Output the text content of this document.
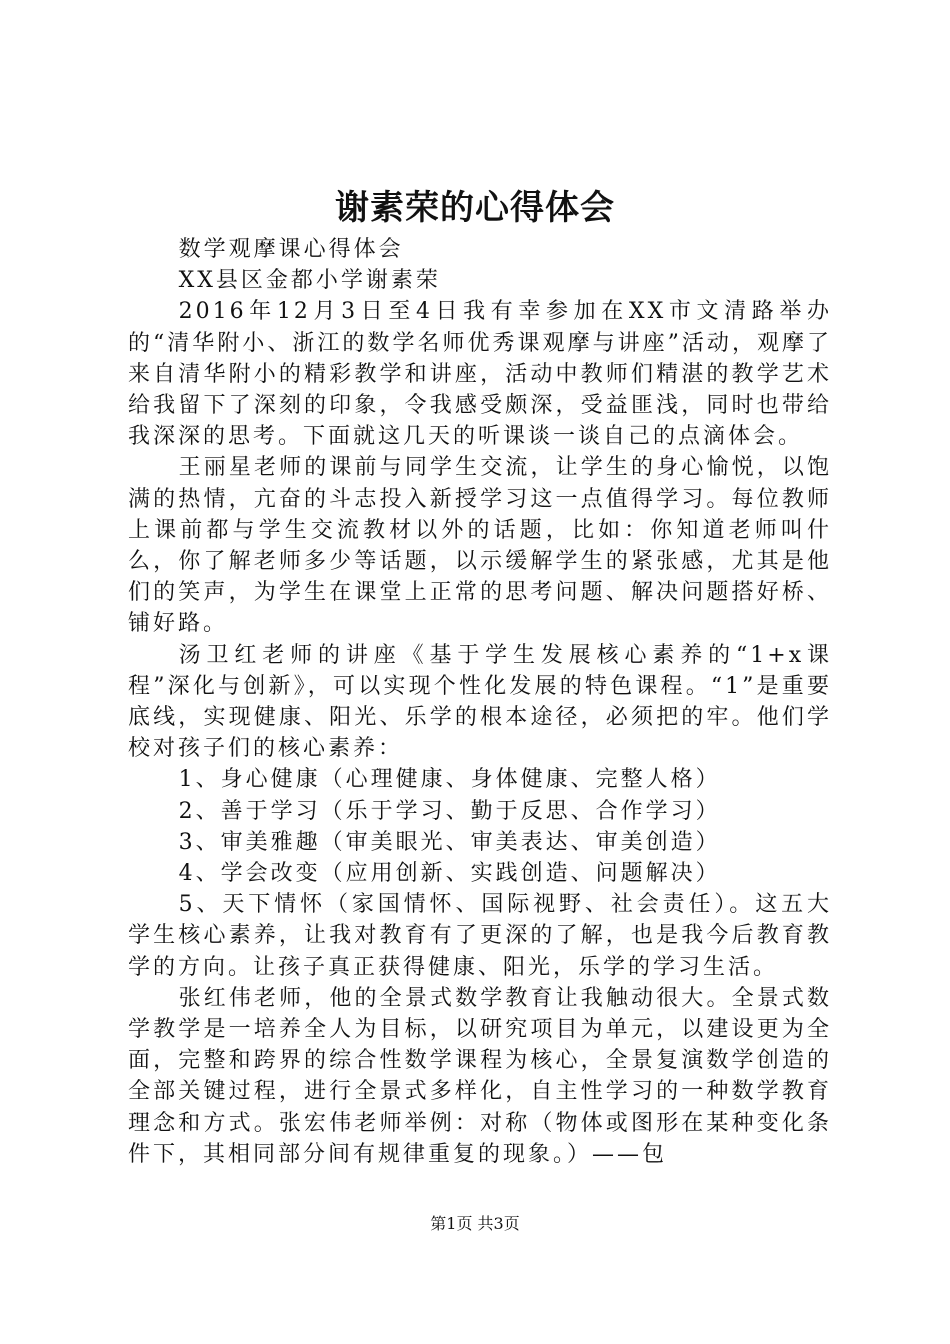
谢素荣的心得体会

数学观摩课心得体会

XX县区金都小学谢素荣

2016年12月3日至4日我有幸参加在XX市文清路举办的“清华附小、浙江的数学名师优秀课观摩与讲座”活动，观摩了来自清华附小的精彩教学和讲座，活动中教师们精湛的教学艺术给我留下了深刻的印象，令我感受颇深，受益匪浅，同时也带给我深深的思考。下面就这几天的听课谈一谈自己的点滴体会。

王丽星老师的课前与同学生交流，让学生的身心愉悦，以饱满的热情，亢奋的斗志投入新授学习这一点值得学习。每位教师上课前都与学生交流教材以外的话题，比如：你知道老师叫什么，你了解老师多少等话题，以示缓解学生的紧张感，尤其是他们的笑声，为学生在课堂上正常的思考问题、解决问题搭好桥、铺好路。

汤卫红老师的讲座《基于学生发展核心素养的“1+x课程”深化与创新》，可以实现个性化发展的特色课程。“1”是重要底线，实现健康、阳光、乐学的根本途径，必须把的牢。他们学校对孩子们的核心素养：

1、身心健康（心理健康、身体健康、完整人格）

2、善于学习（乐于学习、勤于反思、合作学习）

3、审美雅趣（审美眼光、审美表达、审美创造）

4、学会改变（应用创新、实践创造、问题解决）

5、天下情怀（家国情怀、国际视野、社会责任）。这五大学生核心素养，让我对教育有了更深的了解，也是我今后教育教学的方向。让孩子真正获得健康、阳光，乐学的学习生活。

张红伟老师，他的全景式数学教育让我触动很大。全景式数学教学是一培养全人为目标，以研究项目为单元，以建设更为全面，完整和跨界的综合性数学课程为核心，全景复演数学创造的全部关键过程，进行全景式多样化，自主性学习的一种数学教育理念和方式。张宏伟老师举例：对称（物体或图形在某种变化条件下，其相同部分间有规律重复的现象。）——包

第1页 共3页
